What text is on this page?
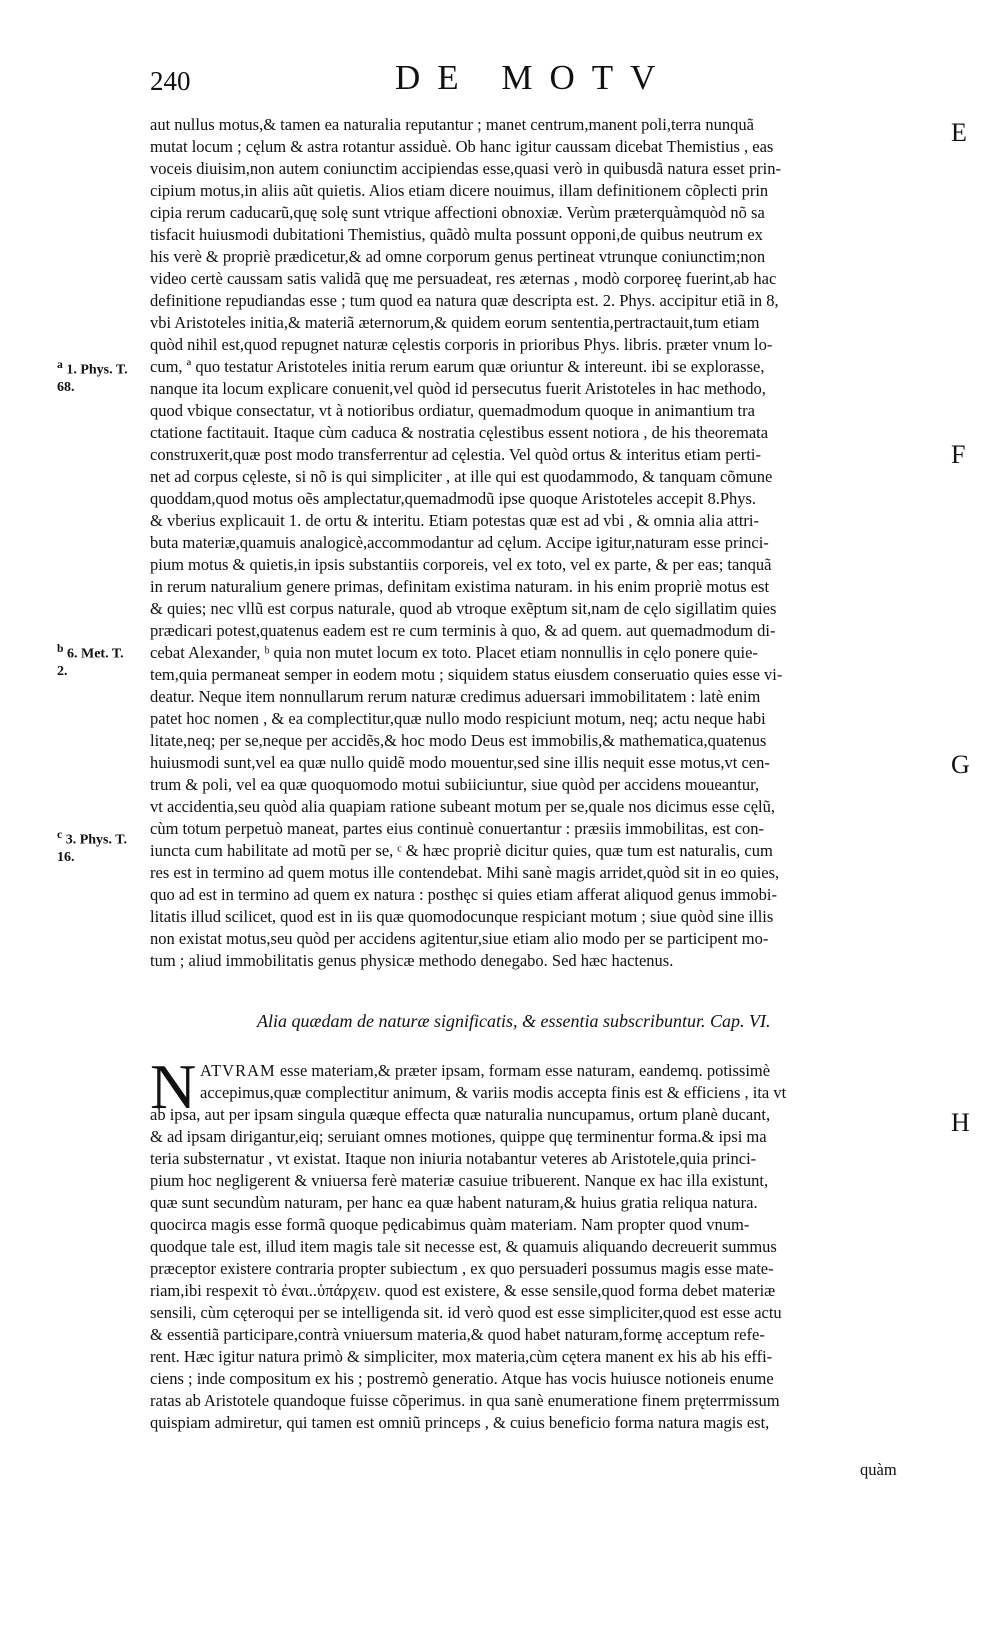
240	DE MOTV
E
F
G
H
$^a$ 1. Phys. T. 68.
$^b$ 6. Met. T. 2.
$^c$ 3. Phys. T. 16.
aut nullus motus,& tamen ea naturalia reputantur ; manet centrum,manent poli,terra nunquã
mutat locum ; cęlum & astra rotantur assiduè. Ob hanc igitur caussam dicebat Themistius , eas
voceis diuisim,non autem coniunctim accipiendas esse,quasi verò in quibusdã natura esset prin-
cipium motus,in aliis aũt quietis. Alios etiam dicere nouimus, illam definitionem cõplecti prin
cipia rerum caducarũ,quę solę sunt vtrique affectioni obnoxiæ. Verùm præterquàmquòd nõ sa
tisfacit huiusmodi dubitationi Themistius, quãdò multa possunt opponi,de quibus neutrum ex
his verè & propriè prædicetur,& ad omne corporum genus pertineat vtrunque coniunctim;non
video certè caussam satis validã quę me persuadeat, res æternas , modò corporeę fuerint,ab hac
definitione repudiandas esse ; tum quod ea natura quæ descripta est. 2. Phys. accipitur etiã in 8,
vbi Aristoteles initia,& materiã æternorum,& quidem eorum sententia,pertractauit,tum etiam
quòd nihil est,quod repugnet naturæ cęlestis corporis in prioribus Phys. libris. præter vnum lo-
cum, ª quo testatur Aristoteles initia rerum earum quæ oriuntur & intereunt. ibi se explorasse,
nanque ita locum explicare conuenit,vel quòd id persecutus fuerit Aristoteles in hac methodo,
quod vbique consectatur, vt à notioribus ordiatur, quemadmodum quoque in animantium tra
ctatione factitauit. Itaque cùm caduca & nostratia cęlestibus essent notiora , de his theoremata
construxerit,quæ post modo transferrentur ad cęlestia. Vel quòd ortus & interitus etiam perti-
net ad corpus cęleste, si nõ is qui simpliciter , at ille qui est quodammodo, & tanquam cõmune
quoddam,quod motus oẽs amplectatur,quemadmodũ ipse quoque Aristoteles accepit 8.Phys.
& vberius explicauit 1. de ortu & interitu. Etiam potestas quæ est ad vbi , & omnia alia attri-
buta materiæ,quamuis analogicè,accommodantur ad cęlum. Accipe igitur,naturam esse princi-
pium motus & quietis,in ipsis substantiis corporeis, vel ex toto, vel ex parte, & per eas; tanquã
in rerum naturalium genere primas, definitam existima naturam. in his enim propriè motus est
& quies; nec vllũ est corpus naturale, quod ab vtroque exẽptum sit,nam de cęlo sigillatim quies
prædicari potest,quatenus eadem est re cum terminis à quo, & ad quem. aut quemadmodum di-
cebat Alexander, ᵇ quia non mutet locum ex toto. Placet etiam nonnullis in cęlo ponere quie-
tem,quia permaneat semper in eodem motu ; siquidem status eiusdem conseruatio quies esse vi-
deatur. Neque item nonnullarum rerum naturæ credimus aduersari immobilitatem : latè enim
patet hoc nomen , & ea complectitur,quæ nullo modo respiciunt motum, neq; actu neque habi
litate,neq; per se,neque per accidẽs,& hoc modo Deus est immobilis,& mathematica,quatenus
huiusmodi sunt,vel ea quæ nullo quidẽ modo mouentur,sed sine illis nequit esse motus,vt cen-
trum & poli, vel ea quæ quoquomodo motui subiiciuntur, siue quòd per accidens moueantur,
vt accidentia,seu quòd alia quapiam ratione subeant motum per se,quale nos dicimus esse cęlũ,
cùm totum perpetuò maneat, partes eius continuè conuertantur : præsiis immobilitas, est con-
iuncta cum habilitate ad motũ per se, ᶜ & hæc propriè dicitur quies, quæ tum est naturalis, cum
res est in termino ad quem motus ille contendebat. Mihi sanè magis arridet,quòd sit in eo quies,
quo ad est in termino ad quem ex natura : posthęc si quies etiam afferat aliquod genus immobi-
litatis illud scilicet, quod est in iis quæ quomodocunque respiciant motum ; siue quòd sine illis
non existat motus,seu quòd per accidens agitentur,siue etiam alio modo per se participent mo-
tum ; aliud immobilitatis genus physicæ methodo denegabo. Sed hæc hactenus.
Alia quædam de naturæ significatis, & essentia subscribuntur. Cap. VI.
N ATVRAM esse materiam,& præter ipsam, formam esse naturam, eandemq. potissimè
accepimus,quæ complectitur animum, & variis modis accepta finis est & efficiens , ita vt
ab ipsa, aut per ipsam singula quæque effecta quæ naturalia nuncupamus, ortum planè ducant,
& ad ipsam dirigantur,eiq; seruiant omnes motiones, quippe quę terminentur forma.& ipsi ma
teria substernatur , vt existat. Itaque non iniuria notabantur veteres ab Aristotele,quia princi-
pium hoc negligerent & vniuersa ferè materiæ casuiue tribuerent. Nanque ex hac illa existunt,
quæ sunt secundùm naturam, per hanc ea quæ habent naturam,& huius gratia reliqua natura.
quocirca magis esse formã quoque pędicabimus quàm materiam. Nam propter quod vnum-
quodque tale est, illud item magis tale sit necesse est, & quamuis aliquando decreuerit summus
præceptor existere contraria propter subiectum , ex quo persuaderi possumus magis esse mate-
riam,ibi respexit τὸ ἐναι..ὑπάρχειν. quod est existere, & esse sensile,quod forma debet materiæ
sensili, cùm cęteroqui per se intelligenda sit. id verò quod est esse simpliciter,quod est esse actu
& essentiã participare,contrà vniuersum materia,& quod habet naturam,formę acceptum refe-
rent. Hæc igitur natura primò & simpliciter, mox materia,cùm cętera manent ex his ab his effi-
ciens ; inde compositum ex his ; postremò generatio. Atque has vocis huiusce notioneis enume
ratas ab Aristotele quandoque fuisse cõperimus. in qua sanè enumeratione finem pręterrmissum
quispiam admiretur, qui tamen est omniũ princeps , & cuius beneficio forma natura magis est,
quàm
